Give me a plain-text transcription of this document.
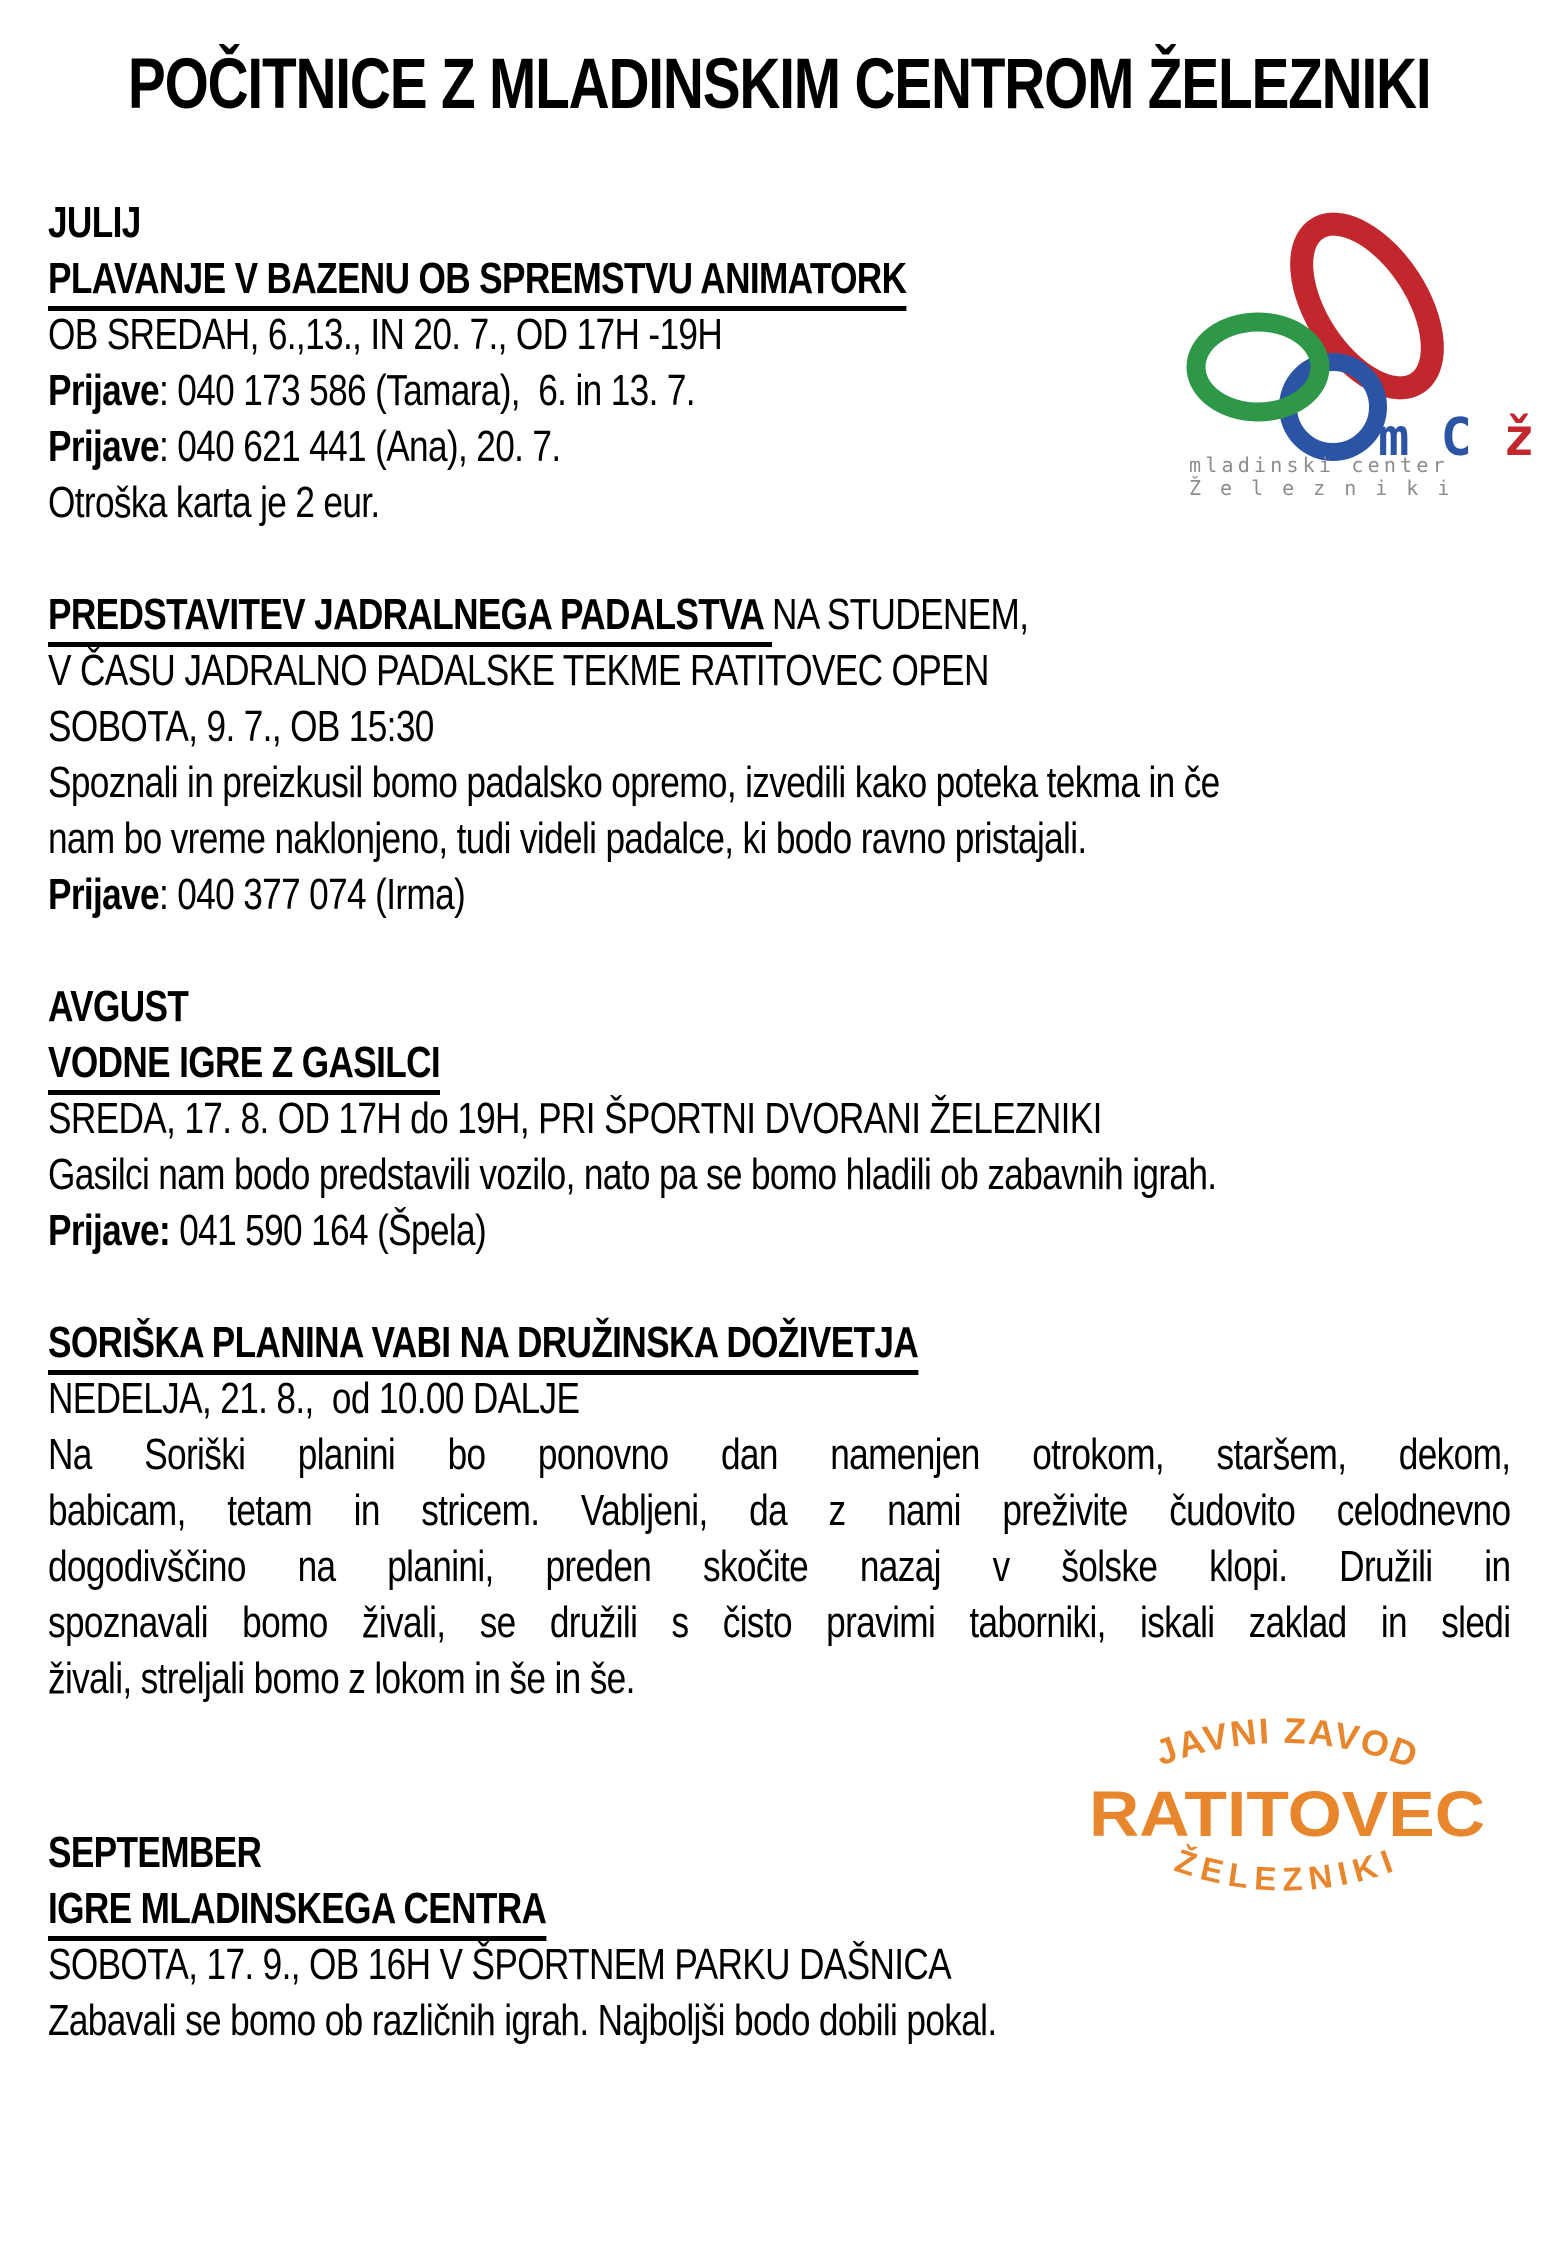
POČITNICE Z MLADINSKIM CENTROM ŽELEZNIKI
JULIJ
PLAVANJE V BAZENU OB SPREMSTVU ANIMATORK
OB SREDAH, 6.,13., IN 20. 7., OD 17H -19H
Prijave: 040 173 586 (Tamara),  6. in 13. 7.
Prijave: 040 621 441 (Ana), 20. 7.
Otroška karta je 2 eur.
PREDSTAVITEV JADRALNEGA PADALSTVA NA STUDENEM,
V ČASU JADRALNO PADALSKE TEKME RATITOVEC OPEN
SOBOTA, 9. 7., OB 15:30
Spoznali in preizkusil bomo padalsko opremo, izvedili kako poteka tekma in če
nam bo vreme naklonjeno, tudi videli padalce, ki bodo ravno pristajali.
Prijave: 040 377 074 (Irma)
AVGUST
VODNE IGRE Z GASILCI
SREDA, 17. 8. OD 17H do 19H, PRI ŠPORTNI DVORANI ŽELEZNIKI
Gasilci nam bodo predstavili vozilo, nato pa se bomo hladili ob zabavnih igrah.
Prijave: 041 590 164 (Špela)
SORIŠKA PLANINA VABI NA DRUŽINSKA DOŽIVETJA
NEDELJA, 21. 8.,  od 10.00 DALJE
Na Soriški planini bo ponovno dan namenjen otrokom, staršem, dekom,
babicam, tetam in stricem. Vabljeni, da z nami preživite čudovito celodnevno
dogodivščino na planini, preden skočite nazaj v šolske klopi. Družili in
spoznavali bomo živali, se družili s čisto pravimi taborniki, iskali zaklad in sledi
živali, streljali bomo z lokom in še in še.
SEPTEMBER
IGRE MLADINSKEGA CENTRA
SOBOTA, 17. 9., OB 16H V ŠPORTNEM PARKU DAŠNICA
Zabavali se bomo ob različnih igrah. Najboljši bodo dobili pokal.
m C ž
mladinski center
Železniki
JAVNI ZAVOD
RATITOVEC
ŽELEZNIKI
